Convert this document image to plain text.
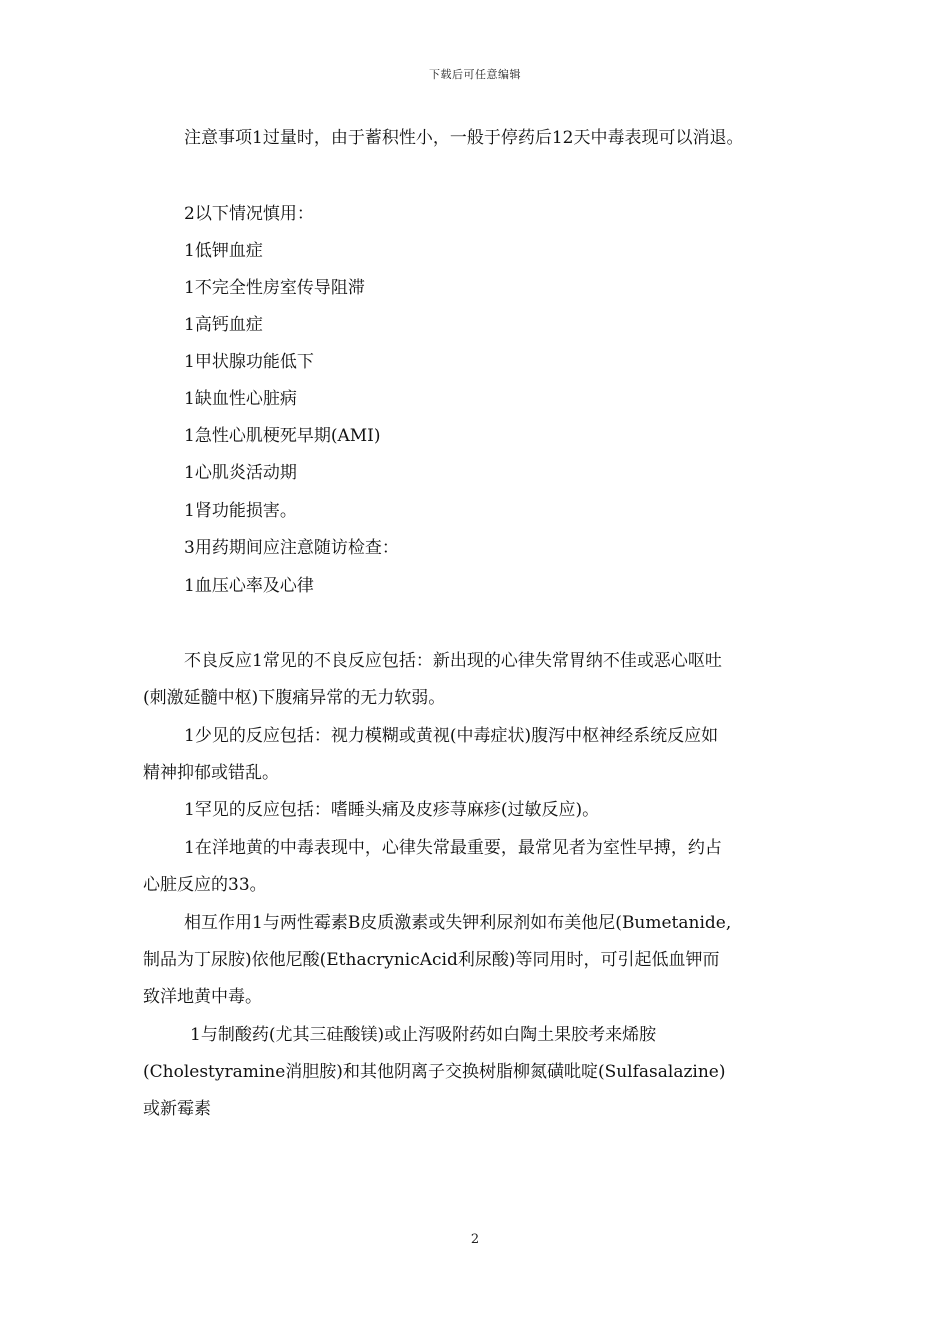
下载后可任意编辑
注意事项1过量时，由于蓄积性小，一般于停药后12天中毒表现可以消退。
2以下情况慎用：
1低钾血症
1不完全性房室传导阻滞
1高钙血症
1甲状腺功能低下
1缺血性心脏病
1急性心肌梗死早期(AMI)
1心肌炎活动期
1肾功能损害。
3用药期间应注意随访检查：
1血压心率及心律
不良反应1常见的不良反应包括：新出现的心律失常胃纳不佳或恶心呕吐
(刺激延髓中枢)下腹痛异常的无力软弱。
1少见的反应包括：视力模糊或黄视(中毒症状)腹泻中枢神经系统反应如
精神抑郁或错乱。
1罕见的反应包括：嗜睡头痛及皮疹荨麻疹(过敏反应)。
1在洋地黄的中毒表现中，心律失常最重要，最常见者为室性早搏，约占
心脏反应的33。
相互作用1与两性霉素B皮质激素或失钾利尿剂如布美他尼(Bumetanide,
制品为丁尿胺)依他尼酸(EthacrynicAcid利尿酸)等同用时，可引起低血钾而
致洋地黄中毒。
1与制酸药(尤其三硅酸镁)或止泻吸附药如白陶土果胶考来烯胺
(Cholestyramine消胆胺)和其他阴离子交换树脂柳氮磺吡啶(Sulfasalazine)
或新霉素
2
